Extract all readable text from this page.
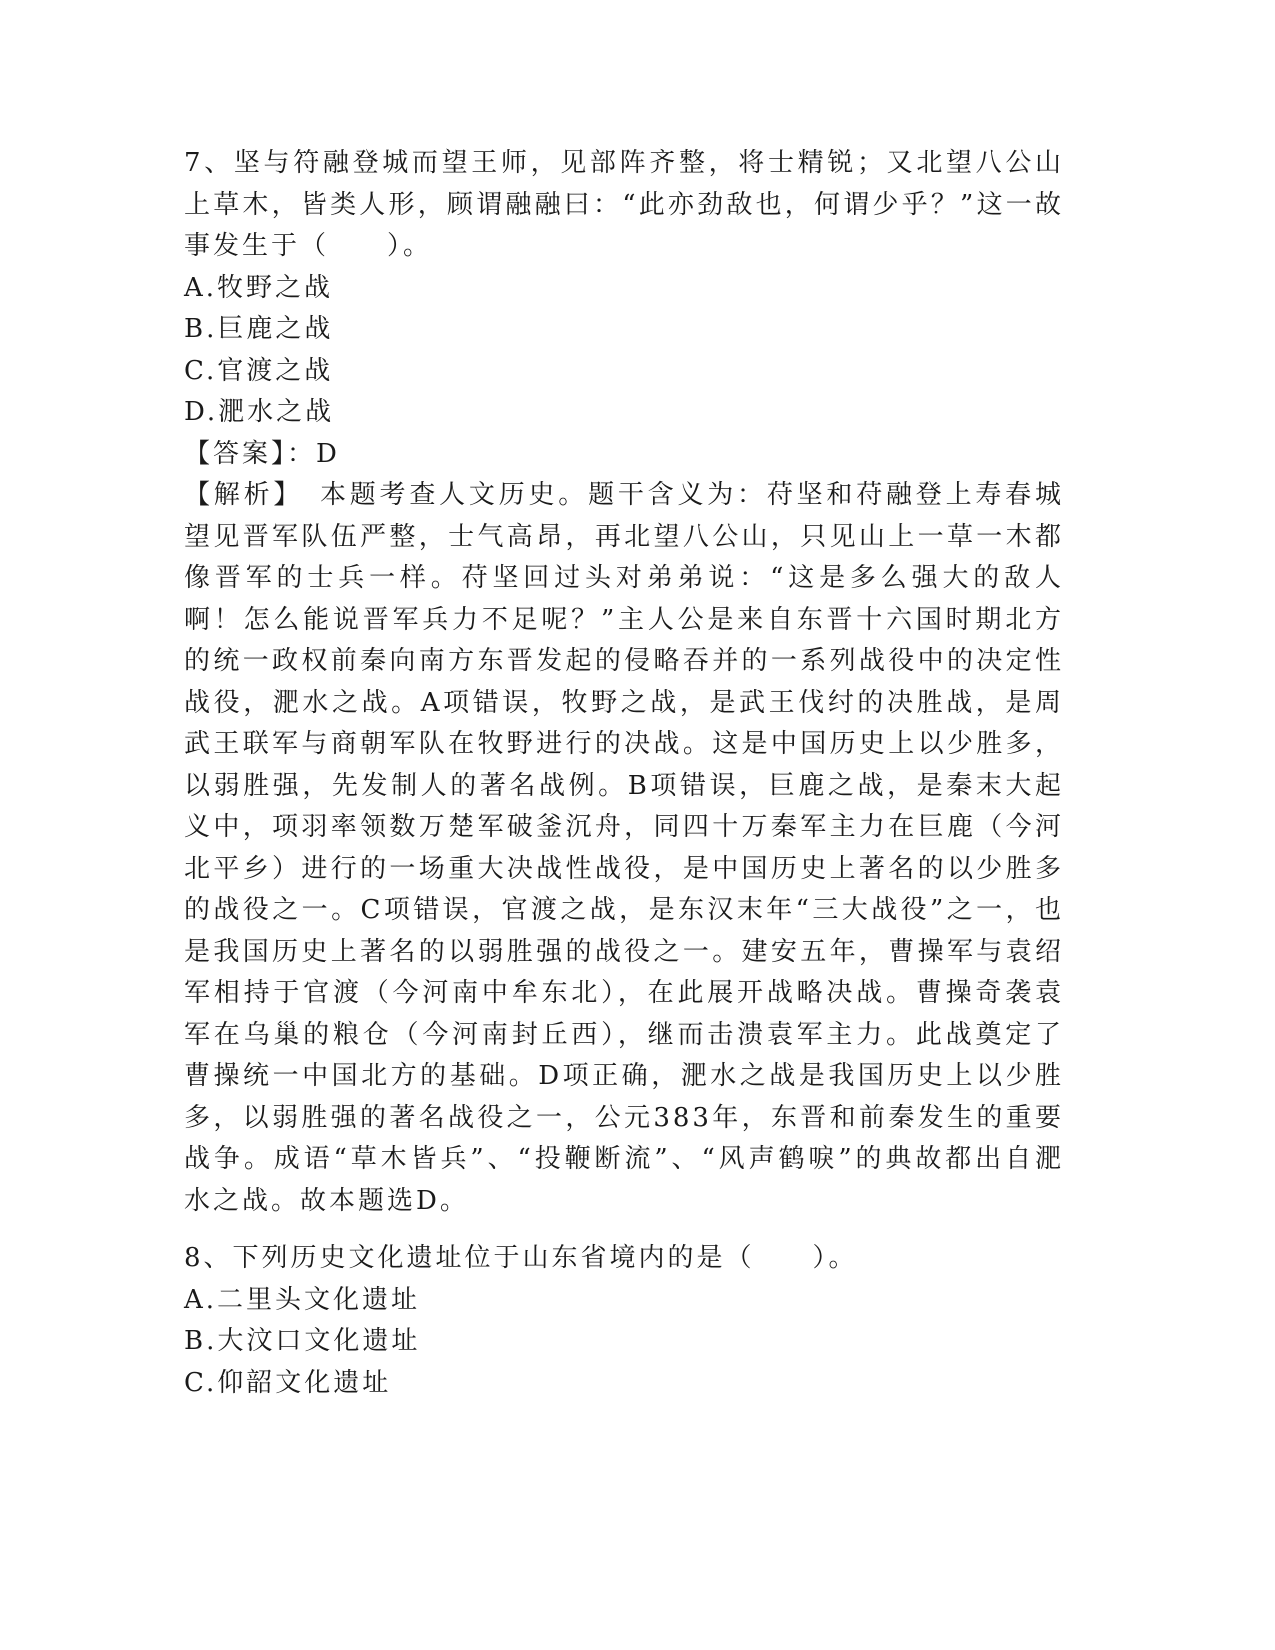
7、坚与符融登城而望王师，见部阵齐整，将士精锐；又北望八公山上草木，皆类人形，顾谓融融曰：“此亦劲敌也，何谓少乎？”这一故事发生于（　　）。
A.牧野之战
B.巨鹿之战
C.官渡之战
D.淝水之战
【答案】：D
【解析】　本题考查人文历史。题干含义为：苻坚和苻融登上寿春城望见晋军队伍严整，士气高昂，再北望八公山，只见山上一草一木都像晋军的士兵一样。苻坚回过头对弟弟说：“这是多么强大的敌人啊！怎么能说晋军兵力不足呢？”主人公是来自东晋十六国时期北方的统一政权前秦向南方东晋发起的侵略吞并的一系列战役中的决定性战役，淝水之战。A项错误，牧野之战，是武王伐纣的决胜战，是周武王联军与商朝军队在牧野进行的决战。这是中国历史上以少胜多，以弱胜强，先发制人的著名战例。B项错误，巨鹿之战，是秦末大起义中，项羽率领数万楚军破釜沉舟，同四十万秦军主力在巨鹿（今河北平乡）进行的一场重大决战性战役，是中国历史上著名的以少胜多的战役之一。C项错误，官渡之战，是东汉末年“三大战役”之一，也是我国历史上著名的以弱胜强的战役之一。建安五年，曹操军与袁绍军相持于官渡（今河南中牟东北），在此展开战略决战。曹操奇袭袁军在乌巢的粮仓（今河南封丘西），继而击溃袁军主力。此战奠定了曹操统一中国北方的基础。D项正确，淝水之战是我国历史上以少胜多，以弱胜强的著名战役之一，公元383年，东晋和前秦发生的重要战争。成语“草木皆兵”、“投鞭断流”、“风声鹤唳”的典故都出自淝水之战。故本题选D。
8、下列历史文化遗址位于山东省境内的是（　　）。
A.二里头文化遗址
B.大汶口文化遗址
C.仰韶文化遗址
